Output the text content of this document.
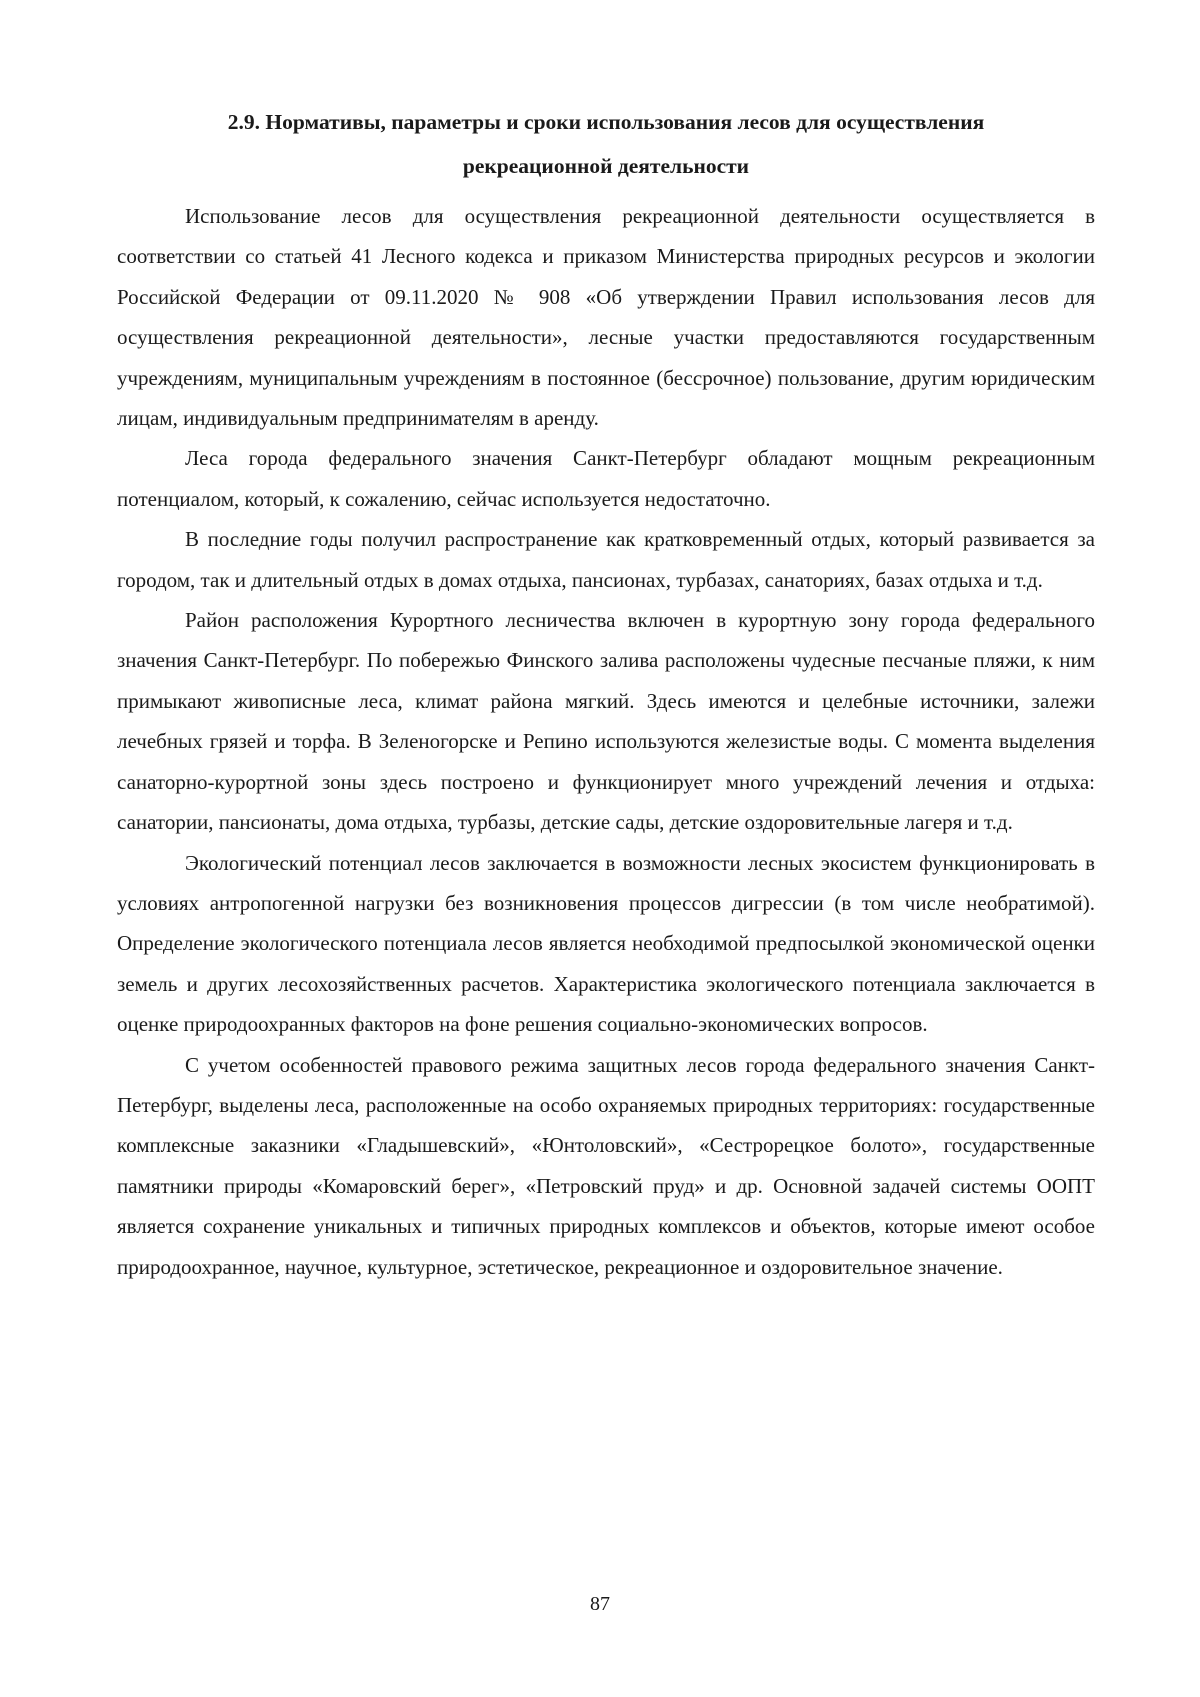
2.9. Нормативы, параметры и сроки использования лесов для осуществления
рекреационной деятельности

Использование лесов для осуществления рекреационной деятельности осуществляется в соответствии со статьей 41 Лесного кодекса и приказом Министерства природных ресурсов и экологии Российской Федерации от 09.11.2020 № 908 «Об утверждении Правил использования лесов для осуществления рекреационной деятельности», лесные участки предоставляются государственным учреждениям, муниципальным учреждениям в постоянное (бессрочное) пользование, другим юридическим лицам, индивидуальным предпринимателям в аренду.

Леса города федерального значения Санкт-Петербург обладают мощным рекреационным потенциалом, который, к сожалению, сейчас используется недостаточно.

В последние годы получил распространение как кратковременный отдых, который развивается за городом, так и длительный отдых в домах отдыха, пансионах, турбазах, санаториях, базах отдыха и т.д.

Район расположения Курортного лесничества включен в курортную зону города федерального значения Санкт-Петербург. По побережью Финского залива расположены чудесные песчаные пляжи, к ним примыкают живописные леса, климат района мягкий. Здесь имеются и целебные источники, залежи лечебных грязей и торфа. В Зеленогорске и Репино используются железистые воды. С момента выделения санаторно-курортной зоны здесь построено и функционирует много учреждений лечения и отдыха: санатории, пансионаты, дома отдыха, турбазы, детские сады, детские оздоровительные лагеря и т.д.

Экологический потенциал лесов заключается в возможности лесных экосистем функционировать в условиях антропогенной нагрузки без возникновения процессов дигрессии (в том числе необратимой). Определение экологического потенциала лесов является необходимой предпосылкой экономической оценки земель и других лесохозяйственных расчетов. Характеристика экологического потенциала заключается в оценке природоохранных факторов на фоне решения социально-экономических вопросов.

С учетом особенностей правового режима защитных лесов города федерального значения Санкт-Петербург, выделены леса, расположенные на особо охраняемых природных территориях: государственные комплексные заказники «Гладышевский», «Юнтоловский», «Сестрорецкое болото», государственные памятники природы «Комаровский берег», «Петровский пруд» и др. Основной задачей системы ООПТ является сохранение уникальных и типичных природных комплексов и объектов, которые имеют особое природоохранное, научное, культурное, эстетическое, рекреационное и оздоровительное значение.

87
